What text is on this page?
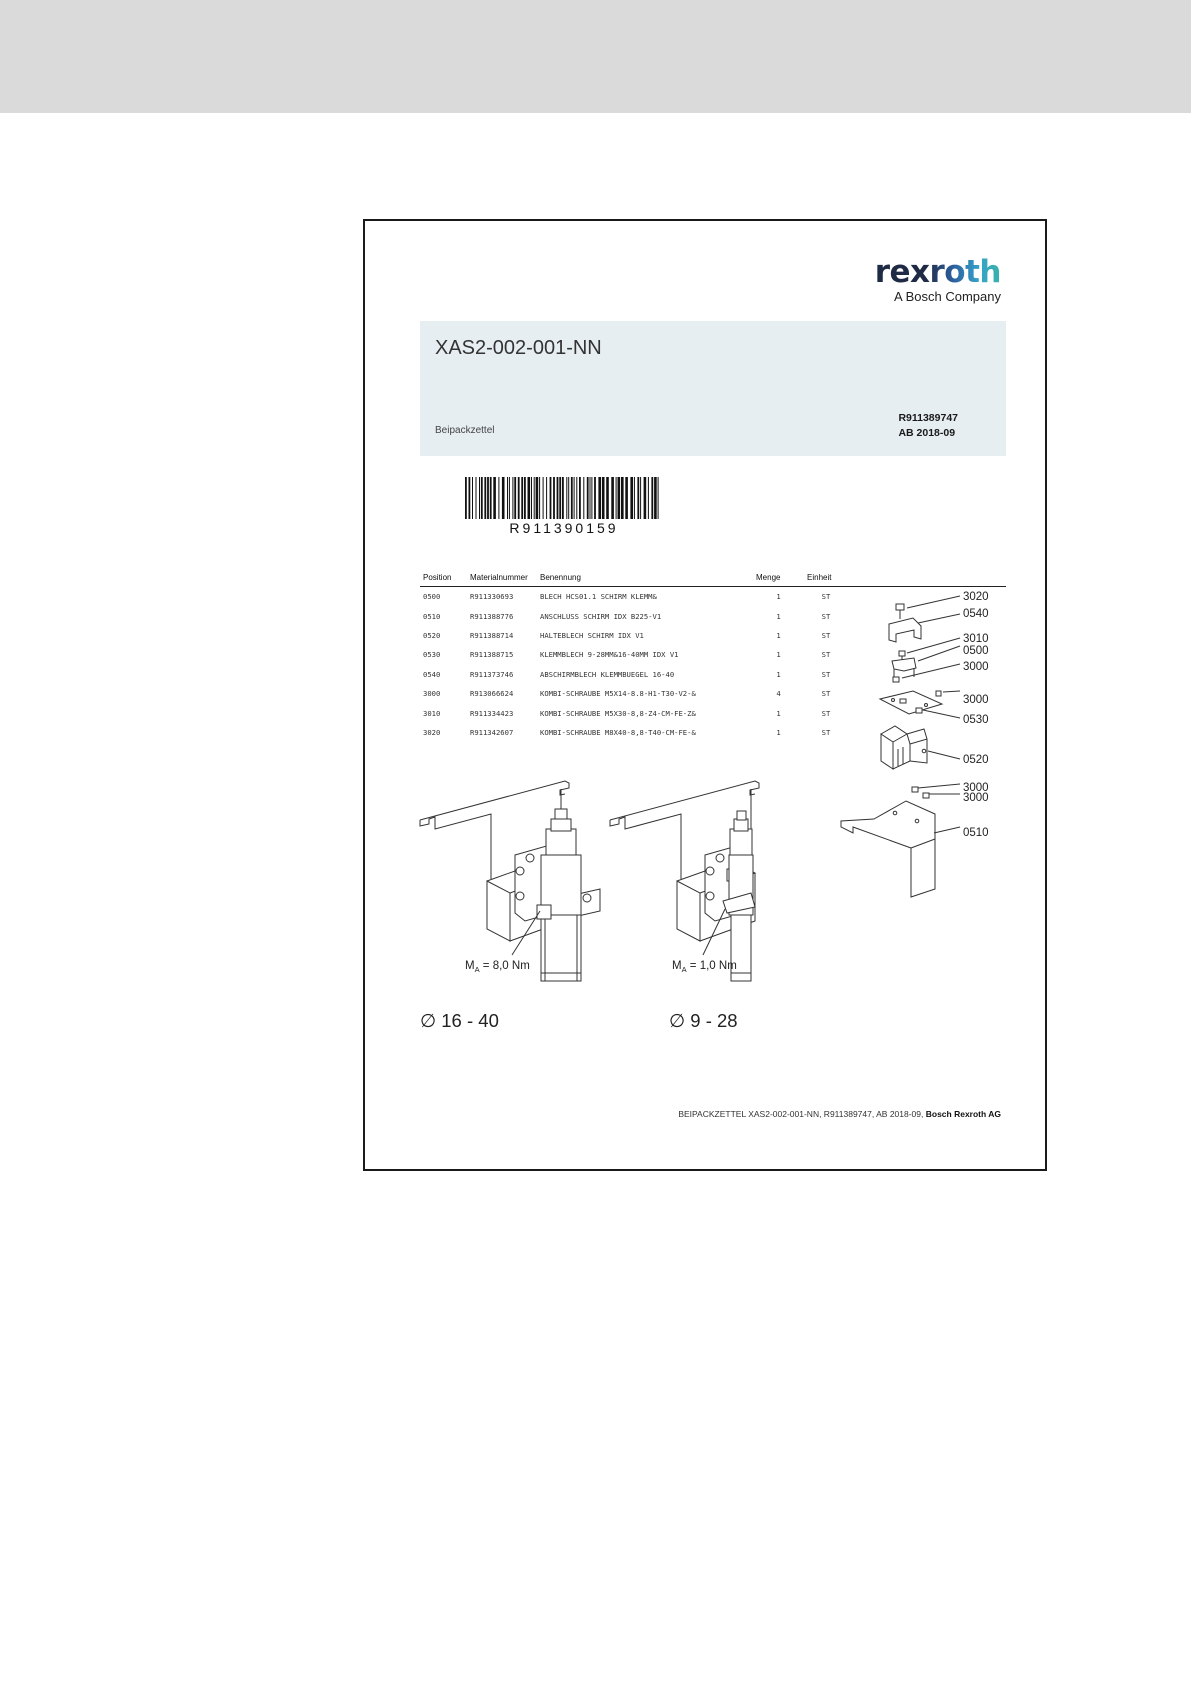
rexroth
A Bosch Company
XAS2-002-001-NN
Beipackzettel
R911389747
AB 2018-09
R911390159
Position	Materialnummer	Benennung	Menge	Einheit	
0500	R911330693	BLECH HCS01.1 SCHIRM KLEMM&	1	ST	
0510	R911388776	ANSCHLUSS SCHIRM IDX B225-V1	1	ST	
0520	R911388714	HALTEBLECH SCHIRM IDX V1	1	ST	
0530	R911388715	KLEMMBLECH 9-28MM&16-40MM IDX V1	1	ST	
0540	R911373746	ABSCHIRMBLECH KLEMMBUEGEL 16-40	1	ST	
3000	R913066624	KOMBI-SCHRAUBE M5X14-8.8-H1-T30-V2-&	4	ST	
3010	R911334423	KOMBI-SCHRAUBE M5X30-8,8-Z4-CM-FE-Z&	1	ST	
3020	R911342607	KOMBI-SCHRAUBE M8X40-8,8-T40-CM-FE-&	1	ST	
3020
0540
3010
0500
3000
3000
0530
0520
3000
3000
0510
$M_A = 8,0$ Nm	$M_A = 1,0$ Nm
∅ 16 - 40	∅ 9 - 28
BEIPACKZETTEL XAS2-002-001-NN, R911389747, AB 2018-09, Bosch Rexroth AG
